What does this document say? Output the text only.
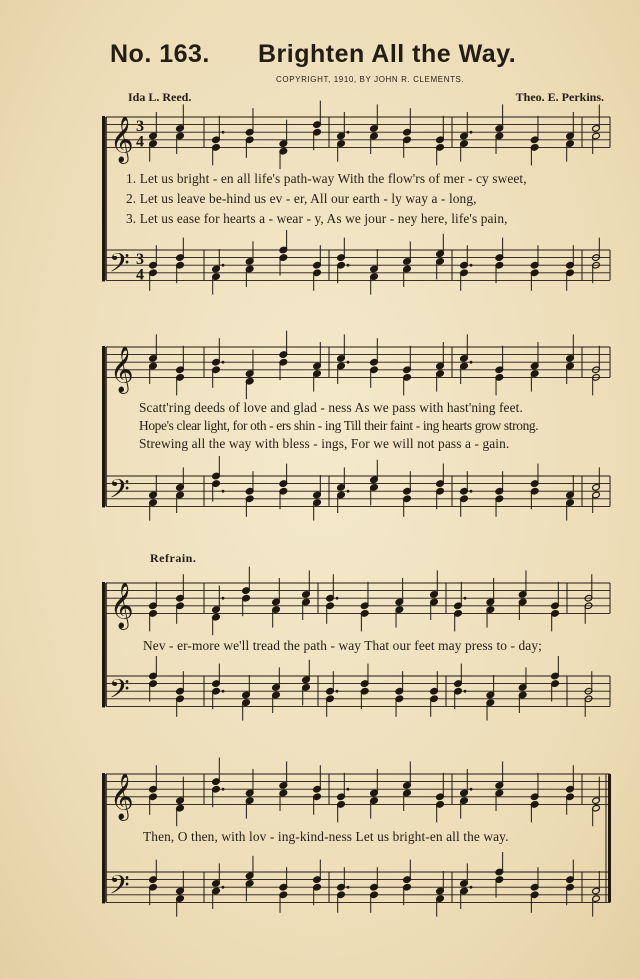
No. 163. Brighten All the Way.
COPYRIGHT, 1910, BY JOHN R. CLEMENTS.
Ida L. Reed.	Theo. E. Perkins.
Refrain.
𝄞
𝄢
3
3
4
4
𝄞
𝄢
𝄞
𝄢
𝄞
𝄢
1. Let us bright - en all life's path-way With the flow'rs of mer - cy sweet,
2. Let us leave be-hind us ev - er, All our earth - ly way a - long,
3. Let us ease for hearts a - wear - y, As we jour - ney here, life's pain,
Scatt'ring deeds of love and glad - ness As we pass with hast'ning feet.
Hope's clear light, for oth - ers shin - ing Till their faint - ing hearts grow strong.
Strewing all the way with bless - ings, For we will not pass a - gain.
Nev - er-more we'll tread the path - way That our feet may press to - day;
Then, O then, with lov - ing-kind-ness Let us bright-en all the way.
